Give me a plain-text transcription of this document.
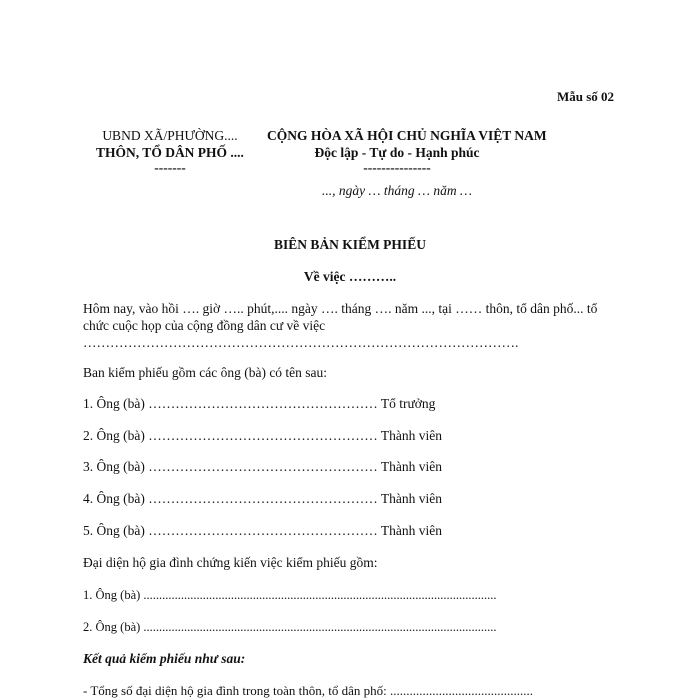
Mẫu số 02
UBND XÃ/PHƯỜNG....
THÔN, TỔ DÂN PHỐ ....
-------
CỘNG HÒA XÃ HỘI CHỦ NGHĨA VIỆT NAM
Độc lập - Tự do - Hạnh phúc
---------------
..., ngày … tháng … năm …
BIÊN BẢN KIỂM PHIẾU
Về việc ………..
Hôm nay, vào hồi …. giờ ….. phút,.... ngày …. tháng …. năm ..., tại …… thôn, tổ dân phố... tổ
chức cuộc họp của cộng đồng dân cư về việc
…………………………………………………………………………………….
Ban kiểm phiếu gồm các ông (bà) có tên sau:
1. Ông (bà) …………………………………………… Tổ trưởng
2. Ông (bà) …………………………………………… Thành viên
3. Ông (bà) …………………………………………… Thành viên
4. Ông (bà) …………………………………………… Thành viên
5. Ông (bà) …………………………………………… Thành viên
Đại diện hộ gia đình chứng kiến việc kiểm phiếu gồm:
1. Ông (bà) .................................................................................................................
2. Ông (bà) .................................................................................................................
Kết quả kiểm phiếu như sau:
- Tổng số đại diện hộ gia đình trong toàn thôn, tổ dân phố: ............................................
